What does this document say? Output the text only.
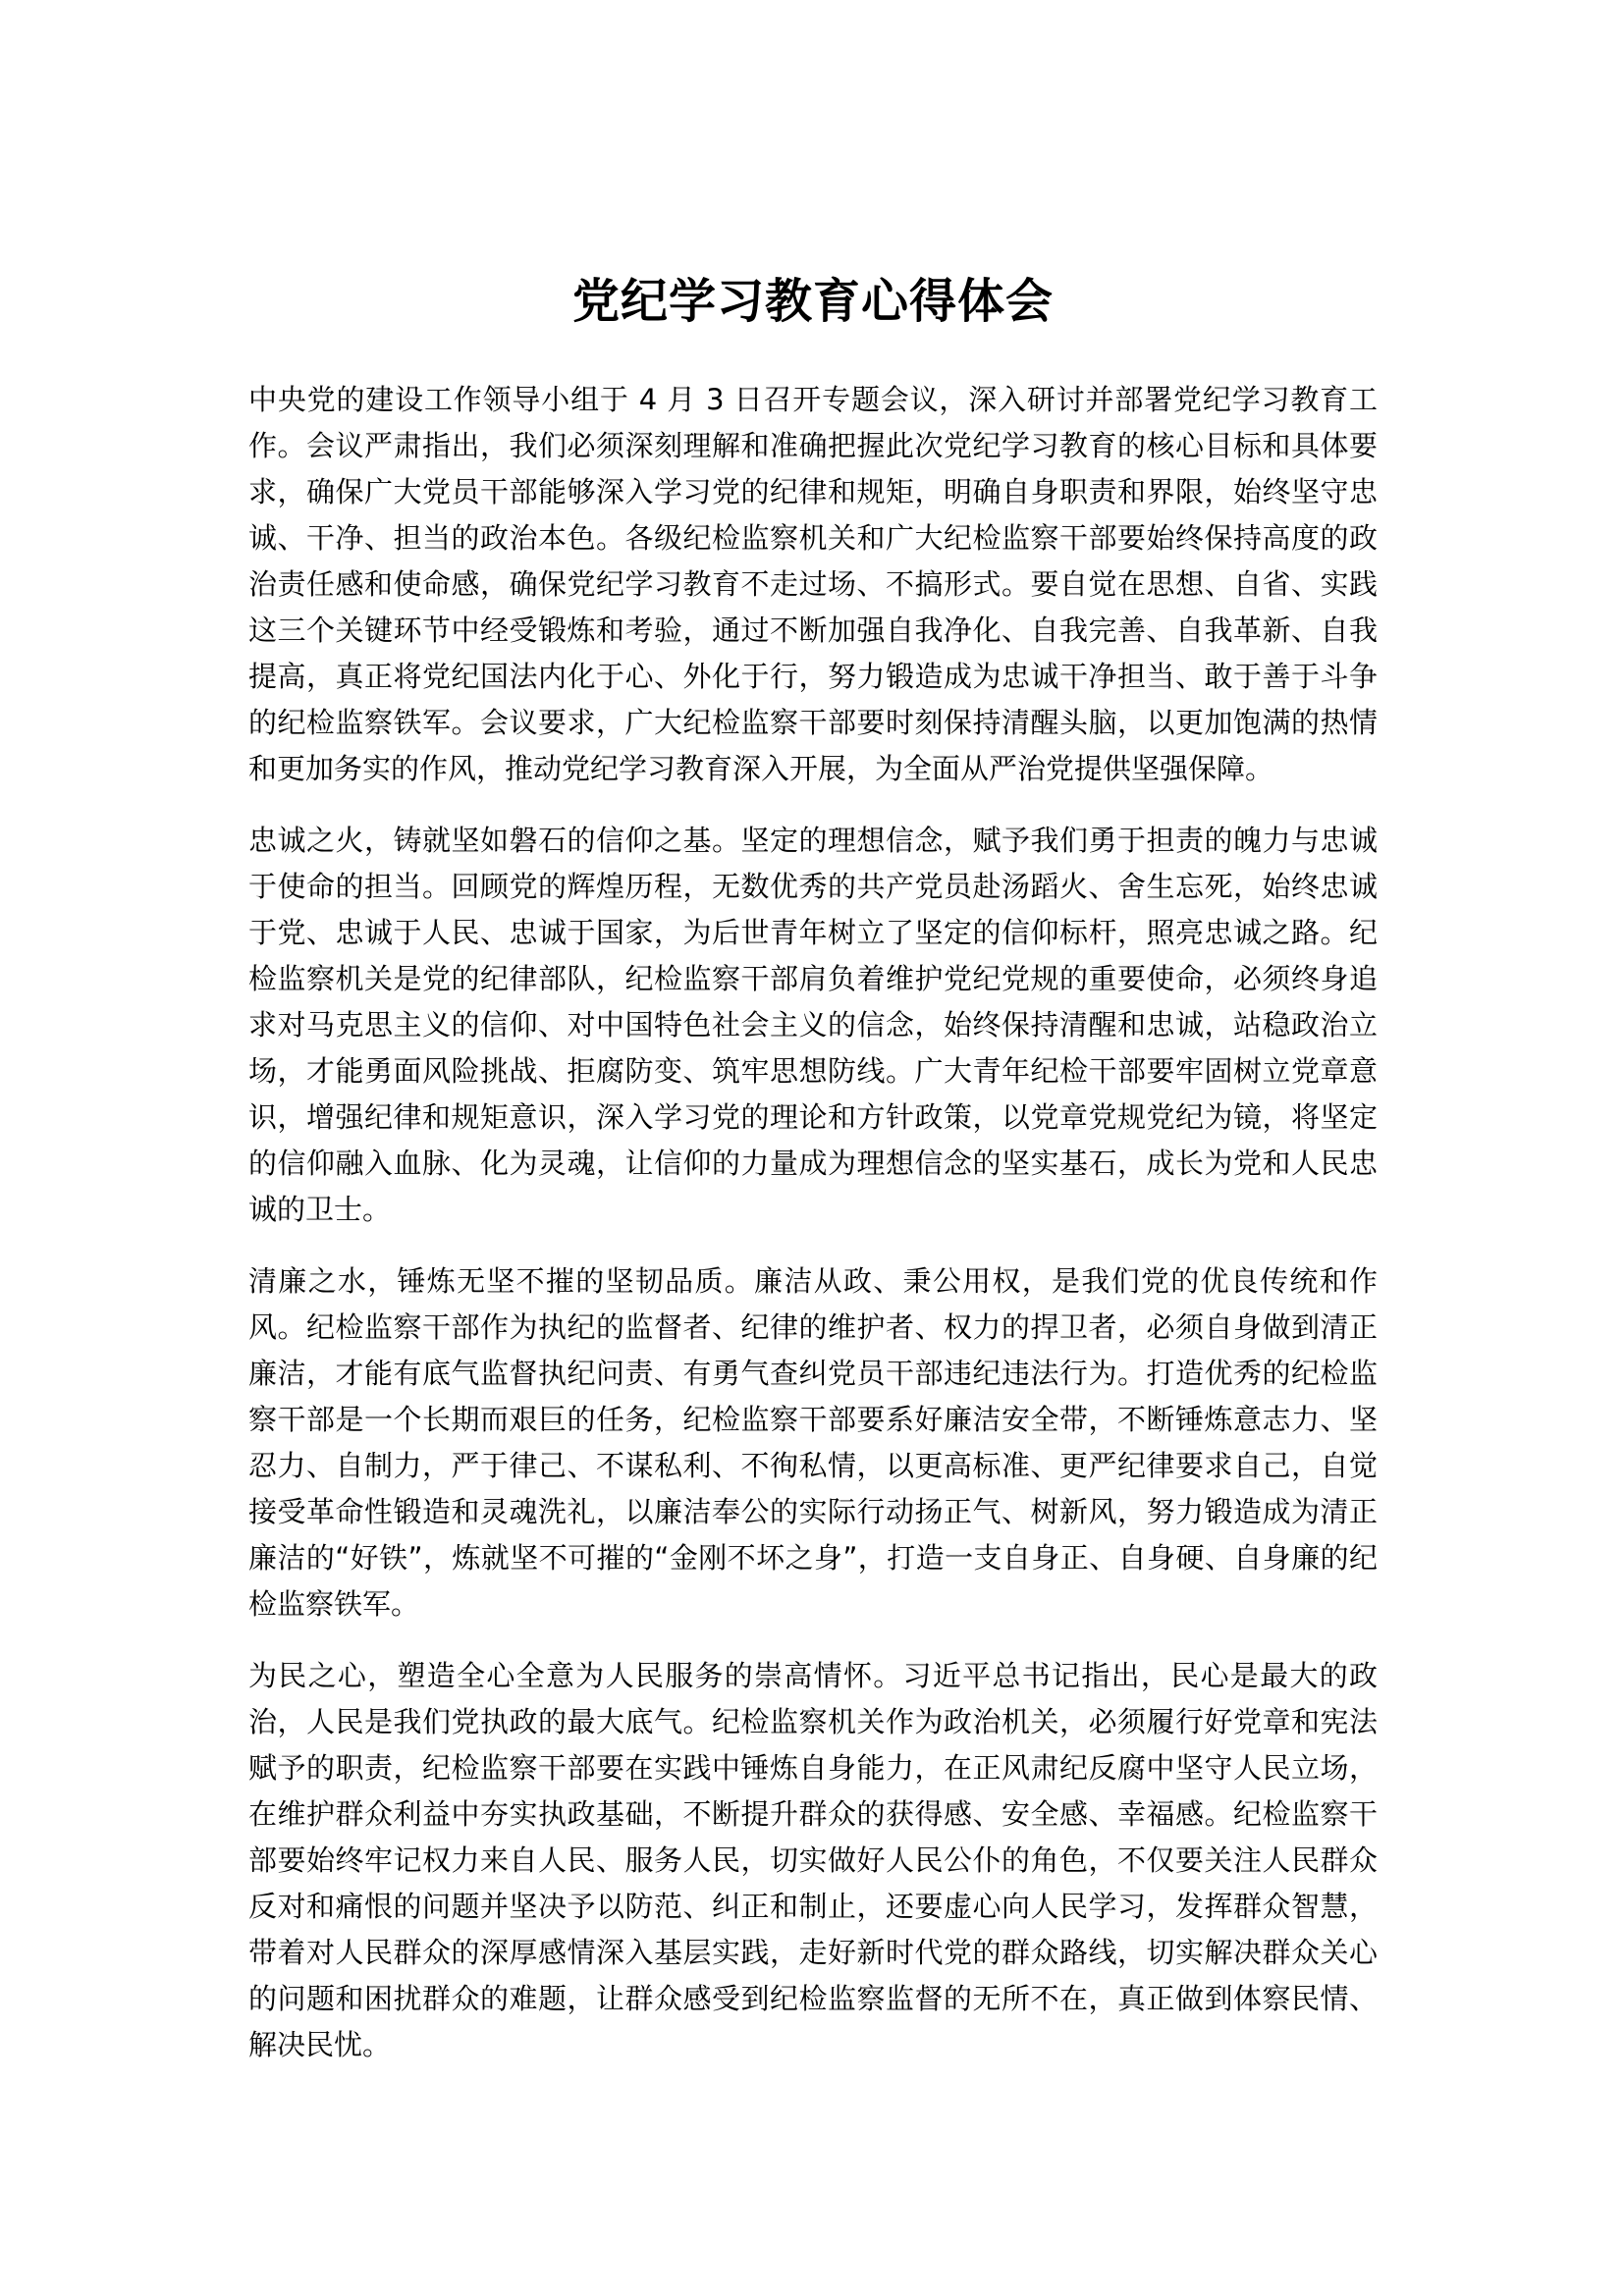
党纪学习教育心得体会

中央党的建设工作领导小组于 4 月 3 日召开专题会议，深入研讨并部署党纪学习教育工作。会议严肃指出，我们必须深刻理解和准确把握此次党纪学习教育的核心目标和具体要求，确保广大党员干部能够深入学习党的纪律和规矩，明确自身职责和界限，始终坚守忠诚、干净、担当的政治本色。各级纪检监察机关和广大纪检监察干部要始终保持高度的政治责任感和使命感，确保党纪学习教育不走过场、不搞形式。要自觉在思想、自省、实践这三个关键环节中经受锻炼和考验，通过不断加强自我净化、自我完善、自我革新、自我提高，真正将党纪国法内化于心、外化于行，努力锻造成为忠诚干净担当、敢于善于斗争的纪检监察铁军。会议要求，广大纪检监察干部要时刻保持清醒头脑，以更加饱满的热情和更加务实的作风，推动党纪学习教育深入开展，为全面从严治党提供坚强保障。

忠诚之火，铸就坚如磐石的信仰之基。坚定的理想信念，赋予我们勇于担责的魄力与忠诚于使命的担当。回顾党的辉煌历程，无数优秀的共产党员赴汤蹈火、舍生忘死，始终忠诚于党、忠诚于人民、忠诚于国家，为后世青年树立了坚定的信仰标杆，照亮忠诚之路。纪检监察机关是党的纪律部队，纪检监察干部肩负着维护党纪党规的重要使命，必须终身追求对马克思主义的信仰、对中国特色社会主义的信念，始终保持清醒和忠诚，站稳政治立场，才能勇面风险挑战、拒腐防变、筑牢思想防线。广大青年纪检干部要牢固树立党章意识，增强纪律和规矩意识，深入学习党的理论和方针政策，以党章党规党纪为镜，将坚定的信仰融入血脉、化为灵魂，让信仰的力量成为理想信念的坚实基石，成长为党和人民忠诚的卫士。

清廉之水，锤炼无坚不摧的坚韧品质。廉洁从政、秉公用权，是我们党的优良传统和作风。纪检监察干部作为执纪的监督者、纪律的维护者、权力的捍卫者，必须自身做到清正廉洁，才能有底气监督执纪问责、有勇气查纠党员干部违纪违法行为。打造优秀的纪检监察干部是一个长期而艰巨的任务，纪检监察干部要系好廉洁安全带，不断锤炼意志力、坚忍力、自制力，严于律己、不谋私利、不徇私情，以更高标准、更严纪律要求自己，自觉接受革命性锻造和灵魂洗礼，以廉洁奉公的实际行动扬正气、树新风，努力锻造成为清正廉洁的“好铁”，炼就坚不可摧的“金刚不坏之身”，打造一支自身正、自身硬、自身廉的纪检监察铁军。

为民之心，塑造全心全意为人民服务的崇高情怀。习近平总书记指出，民心是最大的政治，人民是我们党执政的最大底气。纪检监察机关作为政治机关，必须履行好党章和宪法赋予的职责，纪检监察干部要在实践中锤炼自身能力，在正风肃纪反腐中坚守人民立场，在维护群众利益中夯实执政基础，不断提升群众的获得感、安全感、幸福感。纪检监察干部要始终牢记权力来自人民、服务人民，切实做好人民公仆的角色，不仅要关注人民群众反对和痛恨的问题并坚决予以防范、纠正和制止，还要虚心向人民学习，发挥群众智慧，带着对人民群众的深厚感情深入基层实践，走好新时代党的群众路线，切实解决群众关心的问题和困扰群众的难题，让群众感受到纪检监察监督的无所不在，真正做到体察民情、解决民忧。
